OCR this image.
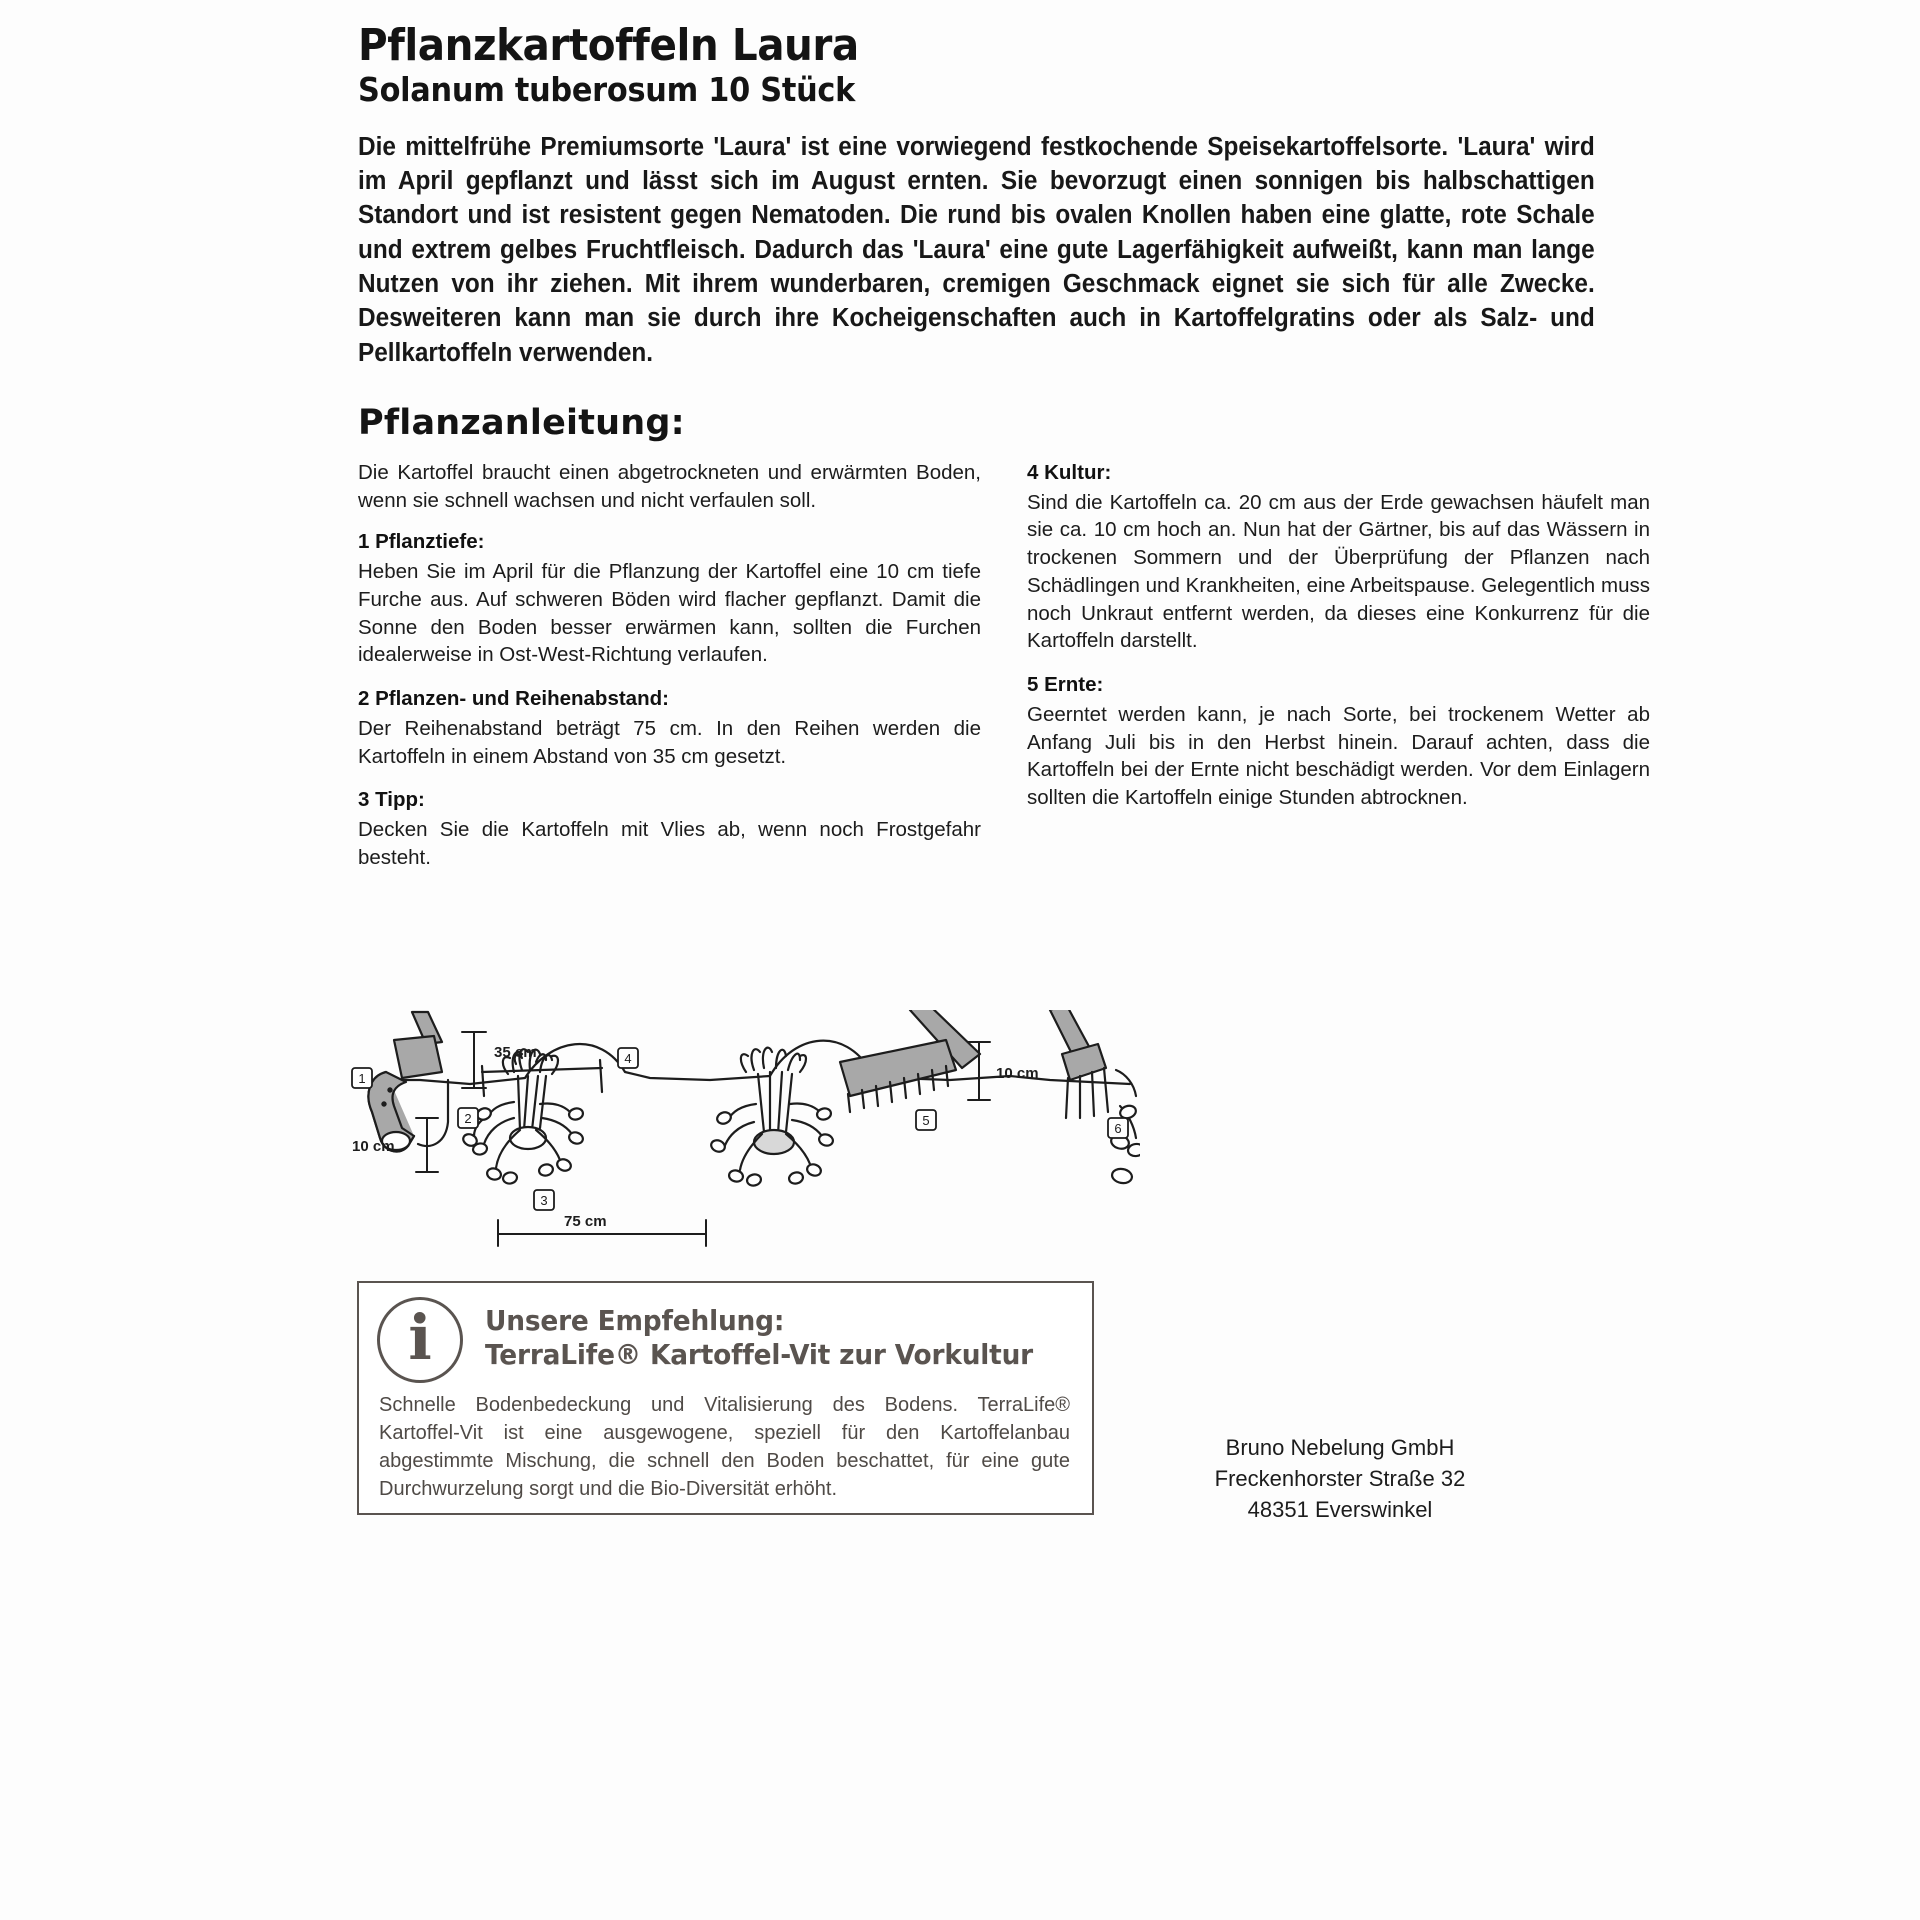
Pflanzkartoffeln Laura
Solanum tuberosum 10 Stück

Die mittelfrühe Premiumsorte 'Laura' ist eine vorwiegend festkochende Speisekartoffelsorte. 'Laura' wird im April gepflanzt und lässt sich im August ernten. Sie bevorzugt einen sonnigen bis halbschattigen Standort und ist resistent gegen Nematoden. Die rund bis ovalen Knollen haben eine glatte, rote Schale und extrem gelbes Fruchtfleisch. Dadurch das 'Laura' eine gute Lagerfähigkeit aufweißt, kann man lange Nutzen von ihr ziehen. Mit ihrem wunderbaren, cremigen Geschmack eignet sie sich für alle Zwecke. Desweiteren kann man sie durch ihre Kocheigenschaften auch in Kartoffelgratins oder als Salz- und Pellkartoffeln verwenden.

Pflanzanleitung:

Die Kartoffel braucht einen abgetrockneten und erwärmten Boden, wenn sie schnell wachsen und nicht verfaulen soll.

1 Pflanztiefe:

Heben Sie im April für die Pflanzung der Kartoffel eine 10 cm tiefe Furche aus. Auf schweren Böden wird flacher gepflanzt. Damit die Sonne den Boden besser erwärmen kann, sollten die Furchen idealerweise in Ost-West-Richtung verlaufen.

2 Pflanzen- und Reihenabstand:

Der Reihenabstand beträgt 75 cm. In den Reihen werden die Kartoffeln in einem Abstand von 35 cm gesetzt.

3 Tipp:

Decken Sie die Kartoffeln mit Vlies ab, wenn noch Frostgefahr besteht.

4 Kultur:

Sind die Kartoffeln ca. 20 cm aus der Erde gewachsen häufelt man sie ca. 10 cm hoch an. Nun hat der Gärtner, bis auf das Wässern in trockenen Sommern und der Überprüfung der Pflanzen nach Schädlingen und Krankheiten, eine Arbeitspause. Gelegentlich muss noch Unkraut entfernt werden, da dieses eine Konkurrenz für die Kartoffeln darstellt.

5 Ernte:

Geerntet werden kann, je nach Sorte, bei trockenem Wetter ab Anfang Juli bis in den Herbst hinein. Darauf achten, dass die Kartoffeln bei der Ernte nicht beschädigt werden. Vor dem Einlagern sollten die Kartoffeln einige Stunden abtrocknen.

1
2
3
4
5
6
35 cm
10 cm
75 cm
10 cm
i Unsere Empfehlung:
TerraLife® Kartoffel-Vit zur Vorkultur
Schnelle Bodenbedeckung und Vitalisierung des Bodens. TerraLife® Kartoffel-Vit ist eine ausgewogene, speziell für den Kartoffelanbau abgestimmte Mischung, die schnell den Boden beschattet, für eine gute Durchwurzelung sorgt und die Bio-Diversität erhöht.
Bruno Nebelung GmbH
Freckenhorster Straße 32
48351 Everswinkel
